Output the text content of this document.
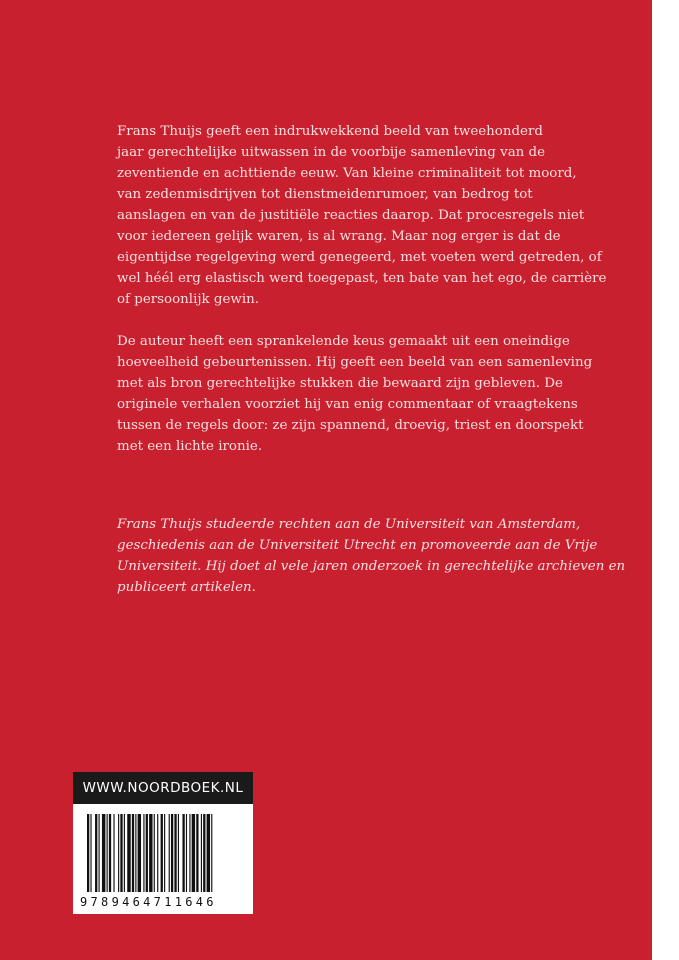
Frans Thuijs geeft een indrukwekkend beeld van tweehonderd
jaar gerechtelijke uitwassen in de voorbije samenleving van de
zeventiende en achttiende eeuw. Van kleine criminaliteit tot moord,
van zedenmisdrijven tot dienstmeidenrumoer, van bedrog tot
aanslagen en van de justitiële reacties daarop. Dat procesregels niet
voor iedereen gelijk waren, is al wrang. Maar nog erger is dat de
eigentijdse regelgeving werd genegeerd, met voeten werd getreden, of
wel héél erg elastisch werd toegepast, ten bate van het ego, de carrière
of persoonlijk gewin.

De auteur heeft een sprankelende keus gemaakt uit een oneindige
hoeveelheid gebeurtenissen. Hij geeft een beeld van een samenleving
met als bron gerechtelijke stukken die bewaard zijn gebleven. De
originele verhalen voorziet hij van enig commentaar of vraagtekens
tussen de regels door: ze zijn spannend, droevig, triest en doorspekt
met een lichte ironie.

Frans Thuijs studeerde rechten aan de Universiteit van Amsterdam,
geschiedenis aan de Universiteit Utrecht en promoveerde aan de Vrije
Universiteit. Hij doet al vele jaren onderzoek in gerechtelijke archieven en
publiceert artikelen.
WWW.NOORDBOEK.NL
9789464711646
